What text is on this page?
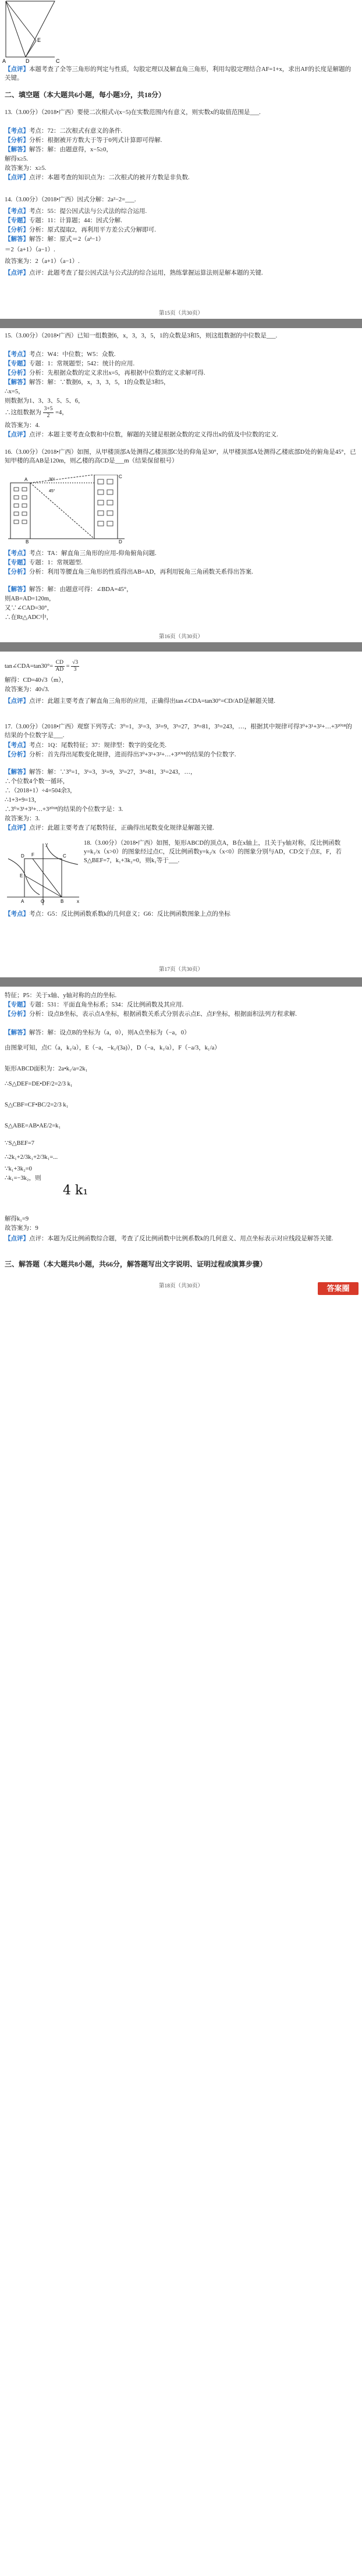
A	D
E
C
【点评】本题考查了全等三角形的判定与性质，勾股定理以及解直角三角形，利用勾股定理结合AF=1+x，求出AF的长度是解题的关键。
二、填空题（本大题共6小题，每小题3分，共18分）
13.（3.00分）（2018•广西）要使二次根式√(x−5)在实数范围内有意义，则实数x的取值范围是___.
【考点】考点：72：二次根式有意义的条件.
【分析】分析：根据被开方数大于等于0列式计算即可得解.
【解答】解答：解：由题意得，x−5≥0，
解得x≥5.
故答案为：x≥5.
【点评】点评：本题考查的知识点为：二次根式的被开方数是非负数.
14.（3.00分）（2018•广西）因式分解：2a²−2=___.
【考点】考点：55：提公因式法与公式法的综合运用.
【专题】专题：11：计算题；44：因式分解.
【分析】分析：原式提取2，再利用平方差公式分解即可.
【解答】解答：解：原式＝2（a²−1）
＝2（a+1）（a−1）.
故答案为：2（a+1）（a−1）.
【点评】点评：此题考查了提公因式法与公式法的综合运用，熟练掌握运算法则是解本题的关键.
第15页（共30页）
15.（3.00分）（2018•广西）已知一组数据6，x，3，3，5，1的众数是3和5，则这组数据的中位数是___.
【考点】考点：W4：中位数；W5：众数.
【专题】专题：1：常规题型；542：统计的应用.
【分析】分析：先根据众数的定义求出x=5，再根据中位数的定义求解可得.
【解答】解答：解：∵数据6，x，3，3，5，1的众数是3和5，
∴x=5，
则数据为1、3、3、5、5、6，
∴这组数据为 $\frac{3+5}{2} =4$，
故答案为：4.
【点评】点评：本题主要考查众数和中位数，解题的关键是根据众数的定义得出x的值及中位数的定义.
16.（3.00分）（2018•广西）如图，从甲楼顶部A处测得乙楼顶部C处的仰角是30°，从甲楼顶部A处测得乙楼底部D处的俯角是45°，已知甲楼的高AB是120m，则乙楼的高CD是___m（结果保留根号）
A
B
C
D
30°
45°
【考点】考点：TA：解直角三角形的应用-仰角俯角问题.
【专题】专题：1：常规题型.
【分析】分析：利用等腰直角三角形的性质得出AB=AD，再利用锐角三角函数关系得出答案.
【解答】解答：解：由题意可得：∠BDA=45°，
则AB=AD=120m，
又∵∠CAD=30°，
∴在Rt△ADC中，
第16页（共30页）
tan∠CDA=tan30°= $\frac{CD}{AD} = \frac{√3}{3}$
解得：CD=40√3（m），
故答案为：40√3.
【点评】点评：此题主要考查了解直角三角形的应用，正确得出tan∠CDA=tan30°=CD/AD是解题关键.
17.（3.00分）（2018•广西）观察下列等式：3⁰=1，3¹=3，3²=9，3³=27，3⁴=81，3⁵=243，…，根据其中规律可得3⁰+3¹+3²+…+3²⁰¹⁸的结果的个位数字是___.
【考点】考点：1Q：尾数特征；37：规律型：数字的变化类.
【分析】分析：首先得出尾数变化规律，进而得出3⁰+3¹+3²+…+3²⁰¹⁸的结果的个位数字.
【解答】解答：解：∵3⁰=1，3¹=3，3²=9，3³=27，3⁴=81，3⁵=243，…，
∴个位数4个数一循环，
∴（2018+1）÷4=504余3，
∴1+3+9=13，
∴3⁰+3¹+3²+…+3²⁰¹⁸的结果的个位数字是：3.
故答案为：3.
【点评】点评：此题主要考查了尾数特征，正确得出尾数变化规律是解题关键.
18.（3.00分）（2018•广西）如图，矩形ABCD的顶点A，B在x轴上，且关于y轴对称，反比例函数y=k₁/x（x>0）的图象经过点C，反比例函数y=k₂/x（x<0）的图象分别与AD，CD交于点E，F，若S△BEF=7，k₁+3k₂=0，则k₁等于___.
D F	C
E
A	O	B	x
y
【考点】考点：G5：反比例函数系数k的几何意义；G6：反比例函数图象上点的坐标
第17页（共30页）
特征；P5：关于x轴、y轴对称的点的坐标.
【专题】专题：531：平面直角坐标系；534：反比例函数及其应用.
【分析】分析：设点B坐标，表示点A坐标，根据函数关系式分别表示点E、点F坐标，根据面积法列方程求解.
【解答】解答：解：设点B的坐标为（a，0），则A点坐标为（−a，0）
由图象可知，点C（a，k₁/a），E（−a，−k₁/(3a)），D（−a，k₁/a），F（−a/3，k₁/a）
矩形ABCD面积为：2a•k₁/a=2k₁
∴S△DEF=DE•DF/2=2/3 k₁
S△CBF=CF•BC/2=2/3 k₁
S△ABE=AB•AE/2=k₁
∵S△BEF=7
∴2k₁+2/3k₁+2/3k₁=...
∵k₁+3k₂=0
∴k₁=−3k₂，则
4 k₁
解得k₁=9
故答案为：9
【点评】点评：本题为反比例函数综合题，考查了反比例函数中比例系数k的几何意义、用点坐标表示对应线段是解答关键.
三、解答题（本大题共8小题，共66分，解答题写出文字说明、证明过程或演算步骤）
第18页（共30页）	答案圈
